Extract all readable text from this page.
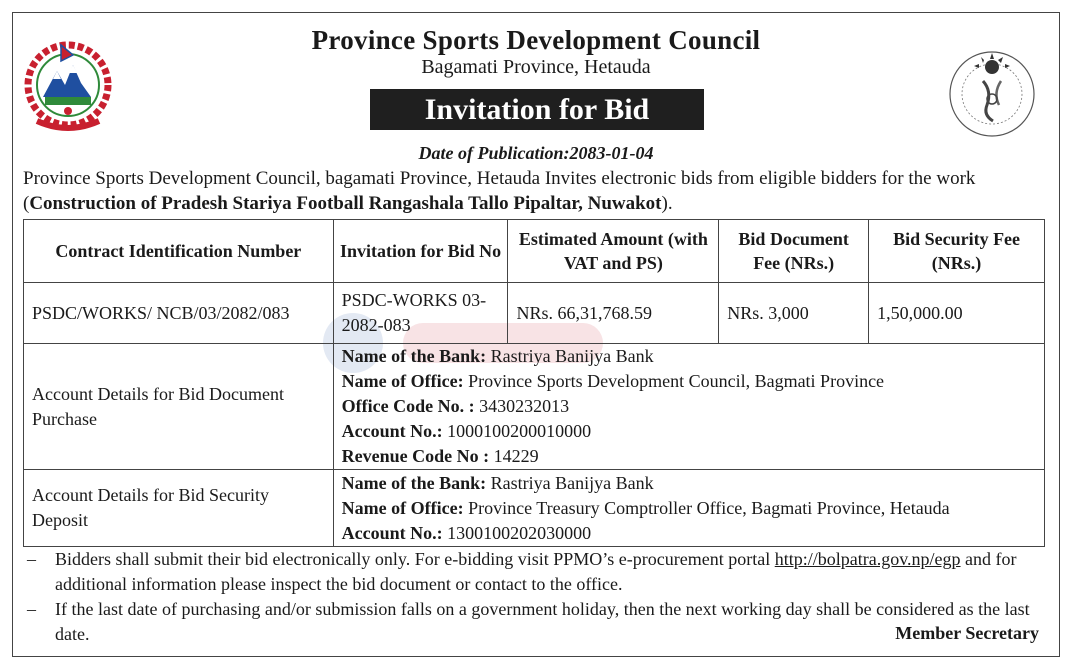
Province Sports Development Council
Bagamati Province, Hetauda
Invitation for Bid
Date of Publication:2083-01-04
Province Sports Development Council, bagamati Province, Hetauda Invites electronic bids from eligible bidders for the work (Construction of Pradesh Stariya Football Rangashala Tallo Pipaltar, Nuwakot).
Contract Identification Number	Invitation for Bid No	Estimated Amount (with VAT and PS)	Bid Document Fee (NRs.)	Bid Security Fee (NRs.)
PSDC/WORKS/ NCB/03/2082/083	PSDC-WORKS 03-2082-083	NRs. 66,31,768.59	NRs. 3,000	1,50,000.00
Account Details for Bid Document Purchase	Name of the Bank: Rastriya Banijya Bank
Name of Office: Province Sports Development Council, Bagmati Province
Office Code No. : 3430232013
Account No.: 1000100200010000
Revenue Code No : 14229			

Account Details for Bid Security Deposit	Name of the Bank: Rastriya Banijya Bank
Name of Office: Province Treasury Comptroller Office, Bagmati Province, Hetauda
Account No.: 1300100202030000			
– Bidders shall submit their bid electronically only. For e-bidding visit PPMO’s e-procurement portal http://bolpatra.gov.np/egp and for additional information please inspect the bid document or contact to the office.
– If the last date of purchasing and/or submission falls on a government holiday, then the next working day shall be considered as the last date.	Member Secretary
